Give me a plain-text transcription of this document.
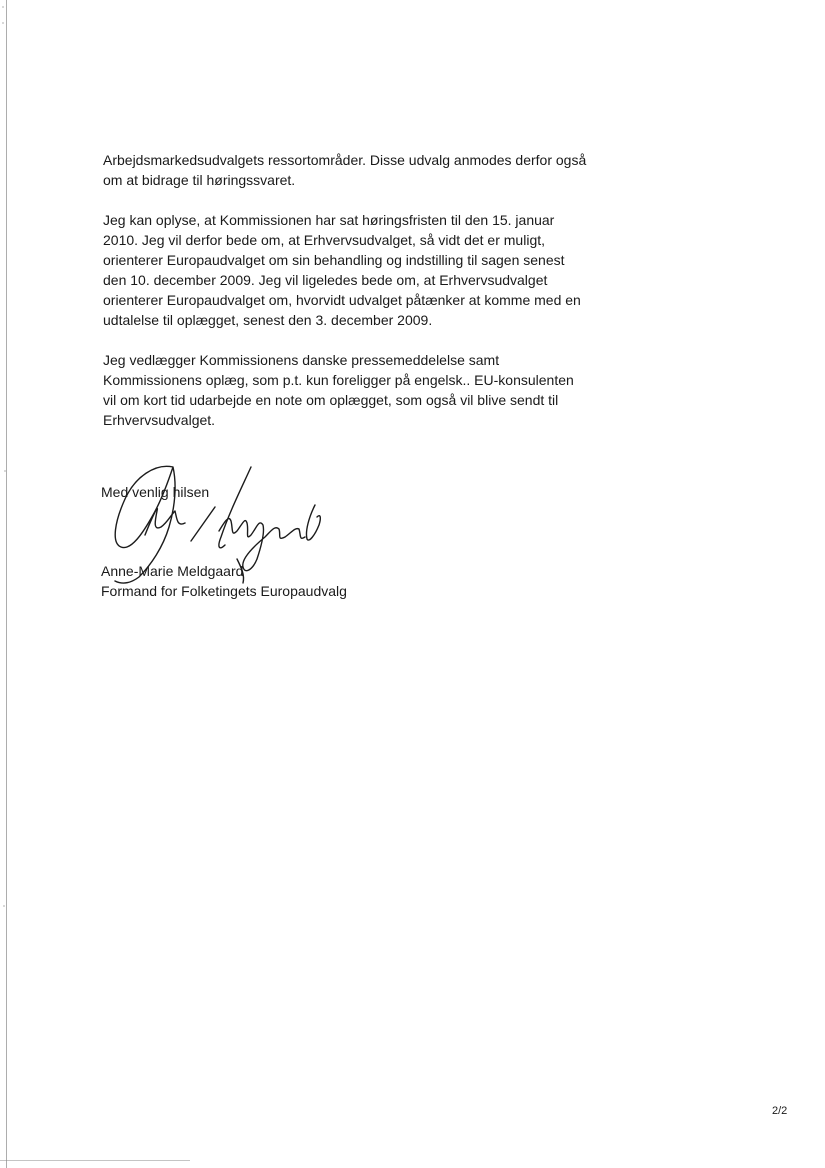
Arbejdsmarkedsudvalgets ressortområder. Disse udvalg anmodes derfor også
om at bidrage til høringssvaret.
Jeg kan oplyse, at Kommissionen har sat høringsfristen til den 15. januar
2010. Jeg vil derfor bede om, at Erhvervsudvalget, så vidt det er muligt,
orienterer Europaudvalget om sin behandling og indstilling til sagen senest
den 10. december 2009. Jeg vil ligeledes bede om, at Erhvervsudvalget
orienterer Europaudvalget om, hvorvidt udvalget påtænker at komme med en
udtalelse til oplægget, senest den 3. december 2009.
Jeg vedlægger Kommissionens danske pressemeddelelse samt
Kommissionens oplæg, som p.t. kun foreligger på engelsk.. EU-konsulenten
vil om kort tid udarbejde en note om oplægget, som også vil blive sendt til
Erhvervsudvalget.
Med venlig hilsen
Anne-Marie Meldgaard
Formand for Folketingets Europaudvalg
2/2
